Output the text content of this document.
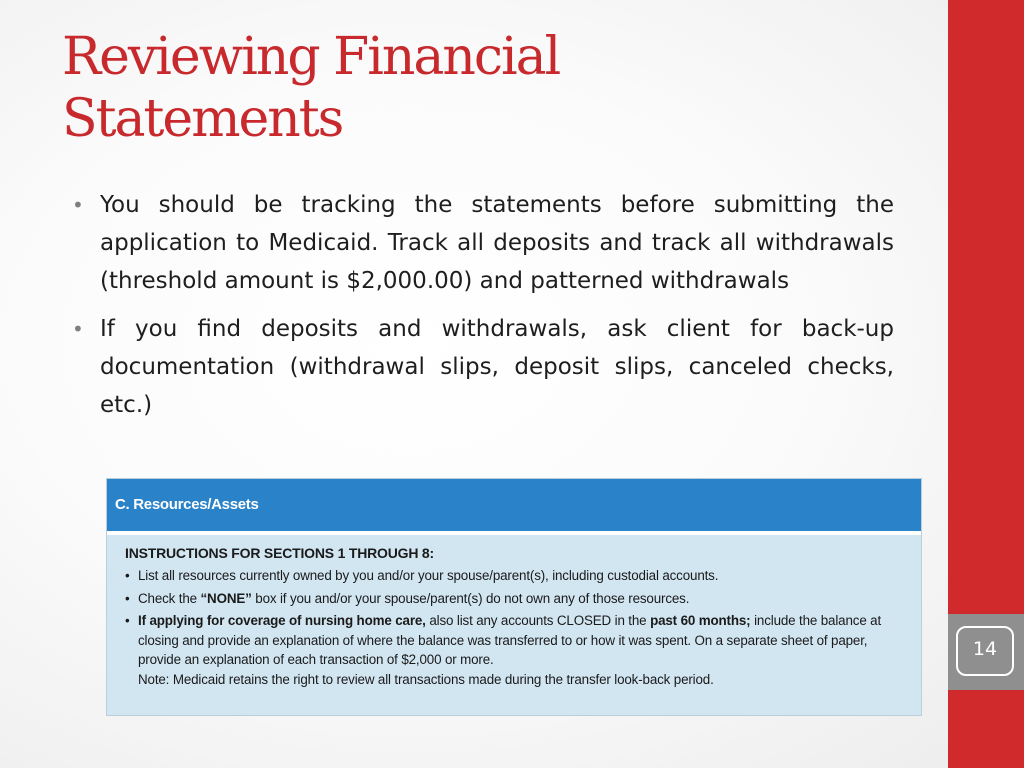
Reviewing Financial
Statements
• You should be tracking the statements before submitting the application to Medicaid. Track all deposits and track all withdrawals (threshold amount is $2,000.00) and patterned withdrawals
• If you find deposits and withdrawals, ask client for back-up documentation (withdrawal slips, deposit slips, canceled checks, etc.)
C. Resources/Assets
INSTRUCTIONS FOR SECTIONS 1 THROUGH 8:
• List all resources currently owned by you and/or your spouse/parent(s), including custodial accounts.
• Check the “NONE” box if you and/or your spouse/parent(s) do not own any of those resources.
• If applying for coverage of nursing home care, also list any accounts CLOSED in the past 60 months; include the balance at closing and provide an explanation of where the balance was transferred to or how it was spent. On a separate sheet of paper, provide an explanation of each transaction of $2,000 or more.
Note: Medicaid retains the right to review all transactions made during the transfer look-back period.
14
